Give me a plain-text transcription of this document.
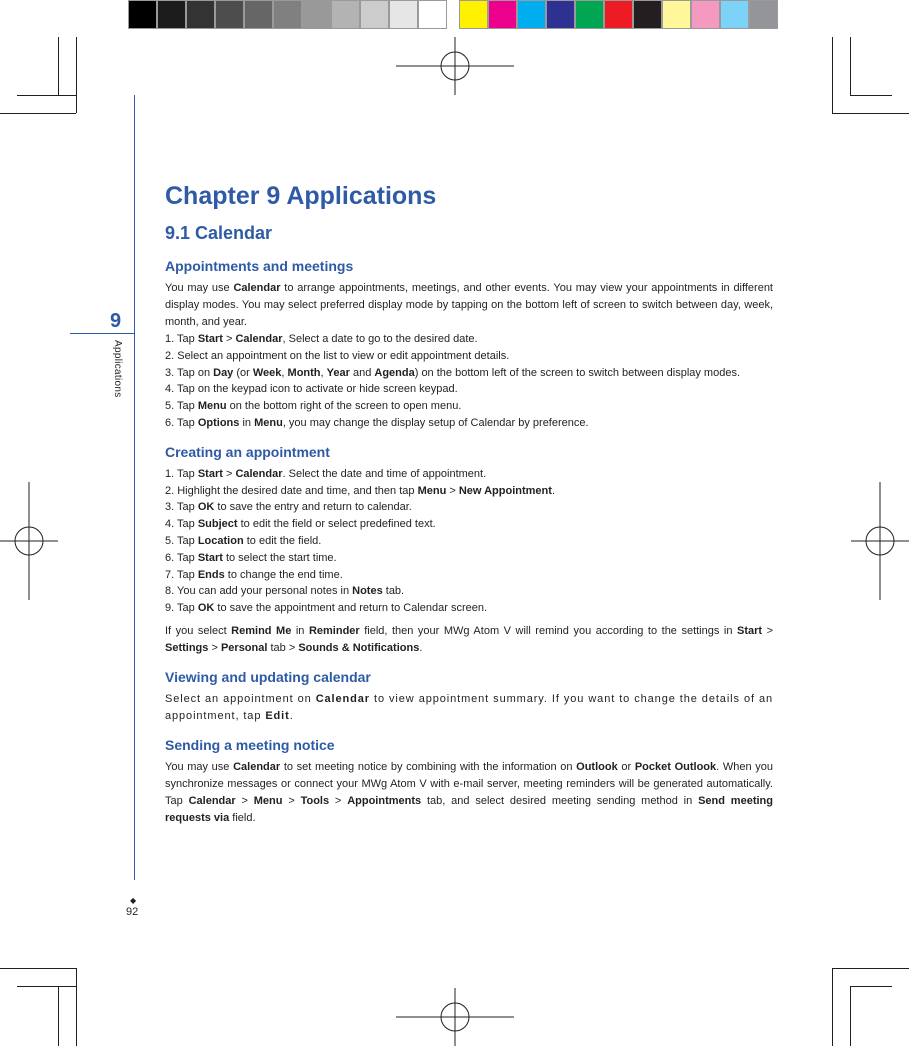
9
Applications
◆
92
Chapter 9 Applications
9.1 Calendar
Appointments and meetings

You may use Calendar to arrange appointments, meetings, and other events. You may view your appointments in different display modes. You may select preferred display mode by tapping on the bottom left of screen to switch between day, week, month, and year.

1. Tap Start > Calendar, Select a date to go to the desired date.
2. Select an appointment on the list to view or edit appointment details.
3. Tap on Day (or Week, Month, Year and Agenda) on the bottom left of the screen to switch between display modes.
4. Tap on the keypad icon to activate or hide screen keypad.
5. Tap Menu on the bottom right of the screen to open menu.
6. Tap Options in Menu, you may change the display setup of Calendar by preference.
Creating an appointment
1. Tap Start > Calendar. Select the date and time of appointment.
2. Highlight the desired date and time, and then tap Menu > New Appointment.
3. Tap OK to save the entry and return to calendar.
4. Tap Subject to edit the field or select predefined text.
5. Tap Location to edit the field.
6. Tap Start to select the start time.
7. Tap Ends to change the end time.
8. You can add your personal notes in Notes tab.
9. Tap OK to save the appointment and return to Calendar screen.

If you select Remind Me in Reminder field, then your MWg Atom V will remind you according to the settings in Start > Settings > Personal tab > Sounds & Notifications.

Viewing and updating calendar

Select an appointment on Calendar to view appointment summary. If you want to change the details of an appointment, tap Edit.

Sending a meeting notice

You may use Calendar to set meeting notice by combining with the information on Outlook or Pocket Outlook. When you synchronize messages or connect your MWg Atom V with e-mail server, meeting reminders will be generated automatically. Tap Calendar > Menu > Tools > Appointments tab, and select desired meeting sending method in Send meeting requests via field.
